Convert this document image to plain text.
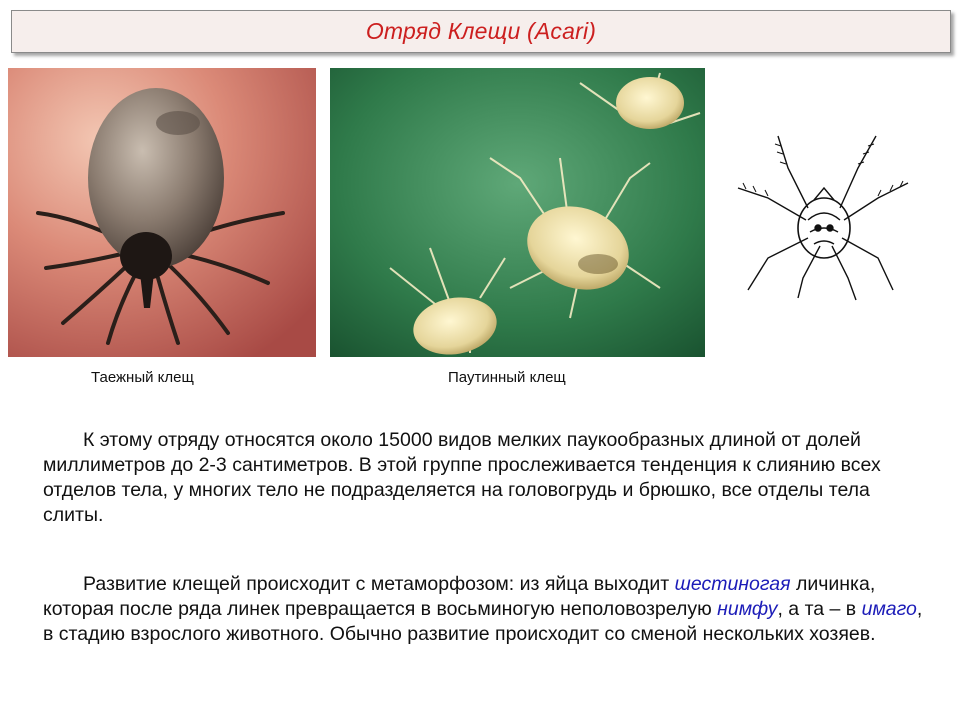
Отряд Клещи (Acari)
Таежный клещ	Паутинный клещ
К этому отряду относятся около 15000 видов мелких паукообразных длиной от долей миллиметров до 2-3 сантиметров. В этой группе прослеживается тенденция к слиянию всех отделов тела, у многих тело не подразделяется на головогрудь и брюшко, все отделы тела слиты.
Развитие клещей происходит с метаморфозом: из яйца выходит шестиногая личинка, которая после ряда линек превращается в восьминогую неполовозрелую нимфу, а та – в имаго, в стадию взрослого животного. Обычно развитие происходит со сменой нескольких хозяев.
